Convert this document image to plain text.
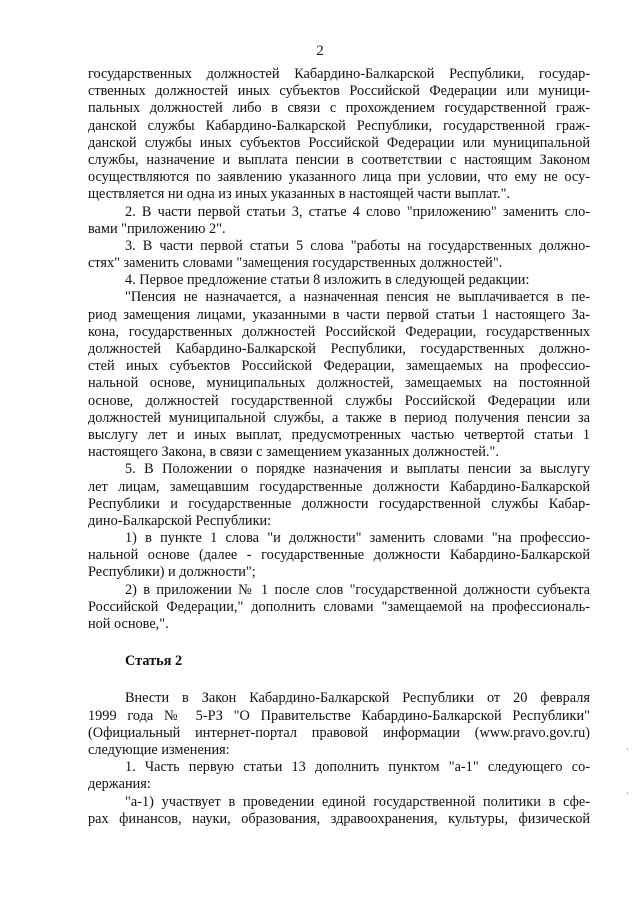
2
государственных должностей Кабардино-Балкарской Республики, государ-
ственных должностей иных субъектов Российской Федерации или муници-
пальных должностей либо в связи с прохождением государственной граж-
данской службы Кабардино-Балкарской Республики, государственной граж-
данской службы иных субъектов Российской Федерации или муниципальной
службы, назначение и выплата пенсии в соответствии с настоящим Законом
осуществляются по заявлению указанного лица при условии, что ему не осу-
ществляется ни одна из иных указанных в настоящей части выплат.".
2. В части первой статьи 3, статье 4 слово "приложению" заменить сло-
вами "приложению 2".
3. В части первой статьи 5 слова "работы на государственных должно-
стях" заменить словами "замещения государственных должностей".
4. Первое предложение статьи 8 изложить в следующей редакции:
"Пенсия не назначается, а назначенная пенсия не выплачивается в пе-
риод замещения лицами, указанными в части первой статьи 1 настоящего За-
кона, государственных должностей Российской Федерации, государственных
должностей Кабардино-Балкарской Республики, государственных должно-
стей иных субъектов Российской Федерации, замещаемых на профессио-
нальной основе, муниципальных должностей, замещаемых на постоянной
основе, должностей государственной службы Российской Федерации или
должностей муниципальной службы, а также в период получения пенсии за
выслугу лет и иных выплат, предусмотренных частью четвертой статьи 1
настоящего Закона, в связи с замещением указанных должностей.".
5. В Положении о порядке назначения и выплаты пенсии за выслугу
лет лицам, замещавшим государственные должности Кабардино-Балкарской
Республики и государственные должности государственной службы Кабар-
дино-Балкарской Республики:
1) в пункте 1 слова "и должности" заменить словами "на профессио-
нальной основе (далее - государственные должности Кабардино-Балкарской
Республики) и должности";
2) в приложении № 1 после слов "государственной должности субъекта
Российской Федерации," дополнить словами "замещаемой на профессиональ-
ной основе,".
Статья 2
Внести в Закон Кабардино-Балкарской Республики от 20 февраля
1999 года № 5-РЗ "О Правительстве Кабардино-Балкарской Республики"
(Официальный интернет-портал правовой информации (www.pravo.gov.ru)
следующие изменения:
1. Часть первую статьи 13 дополнить пунктом "а-1" следующего со-
держания:
"а-1) участвует в проведении единой государственной политики в сфе-
рах финансов, науки, образования, здравоохранения, культуры, физической
·
·
